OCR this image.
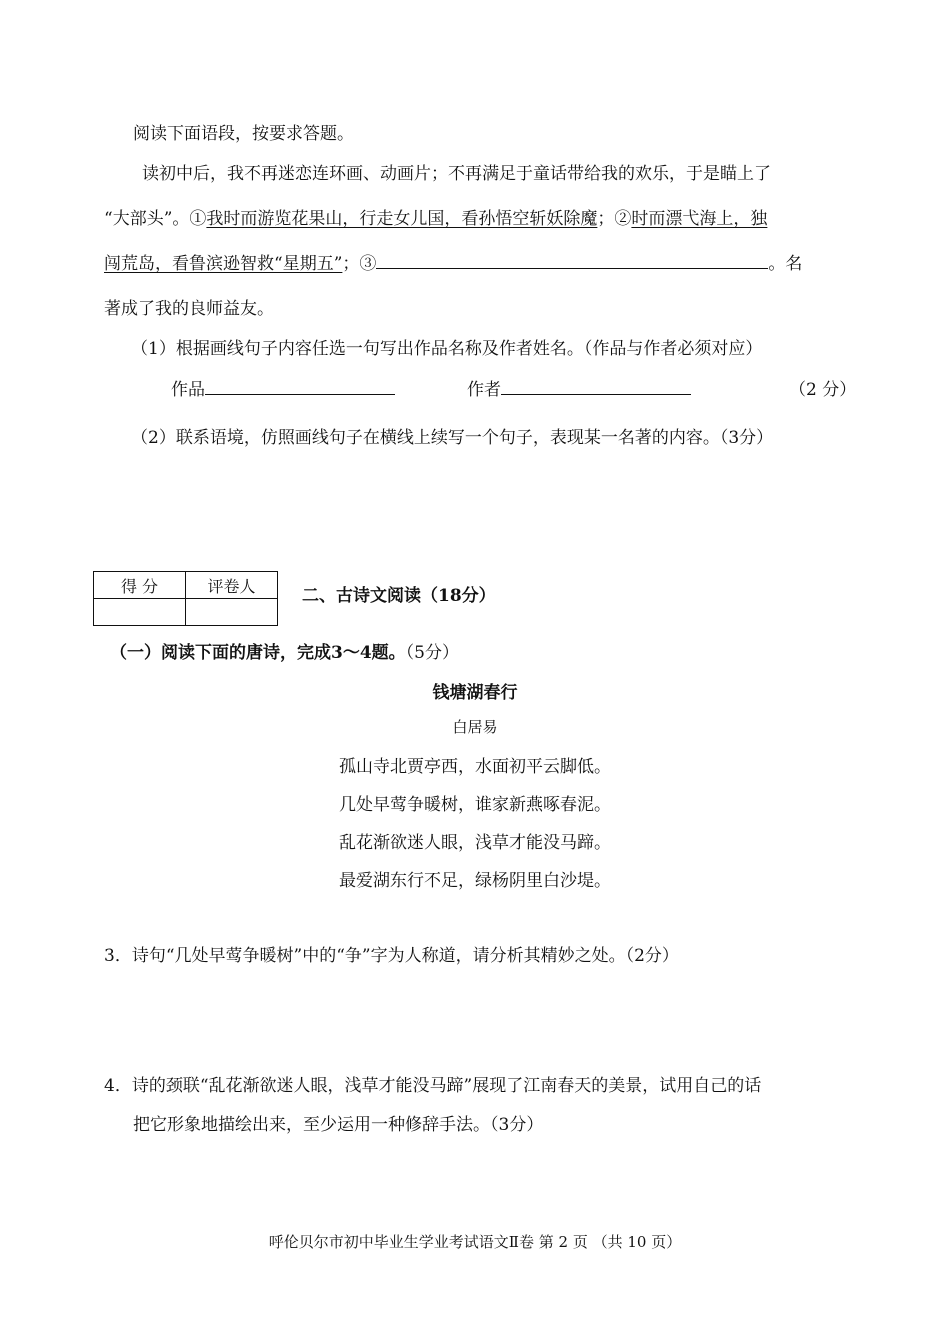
阅读下面语段，按要求答题。
读初中后，我不再迷恋连环画、动画片；不再满足于童话带给我的欢乐，于是瞄上了
“大部头”。①我时而游览花果山，行走女儿国，看孙悟空斩妖除魔；②时而漂弋海上，独
闯荒岛，看鲁滨逊智救“星期五”；③	。名
著成了我的良师益友。
（1）根据画线句子内容任选一句写出作品名称及作者姓名。（作品与作者必须对应）
作品	作者	（2 分）
（2）联系语境，仿照画线句子在横线上续写一个句子，表现某一名著的内容。（3分）
得 分	评卷人
		二、古诗文阅读（18分）
（一）阅读下面的唐诗，完成3～4题。（5分）
钱塘湖春行
白居易
孤山寺北贾亭西，水面初平云脚低。
几处早莺争暖树，谁家新燕啄春泥。
乱花渐欲迷人眼，浅草才能没马蹄。
最爱湖东行不足，绿杨阴里白沙堤。
3．诗句“几处早莺争暖树”中的“争”字为人称道，请分析其精妙之处。（2分）
4．诗的颈联“乱花渐欲迷人眼，浅草才能没马蹄”展现了江南春天的美景，试用自己的话
把它形象地描绘出来，至少运用一种修辞手法。（3分）
呼伦贝尔市初中毕业生学业考试语文Ⅱ卷 第 2 页 （共 10 页）
